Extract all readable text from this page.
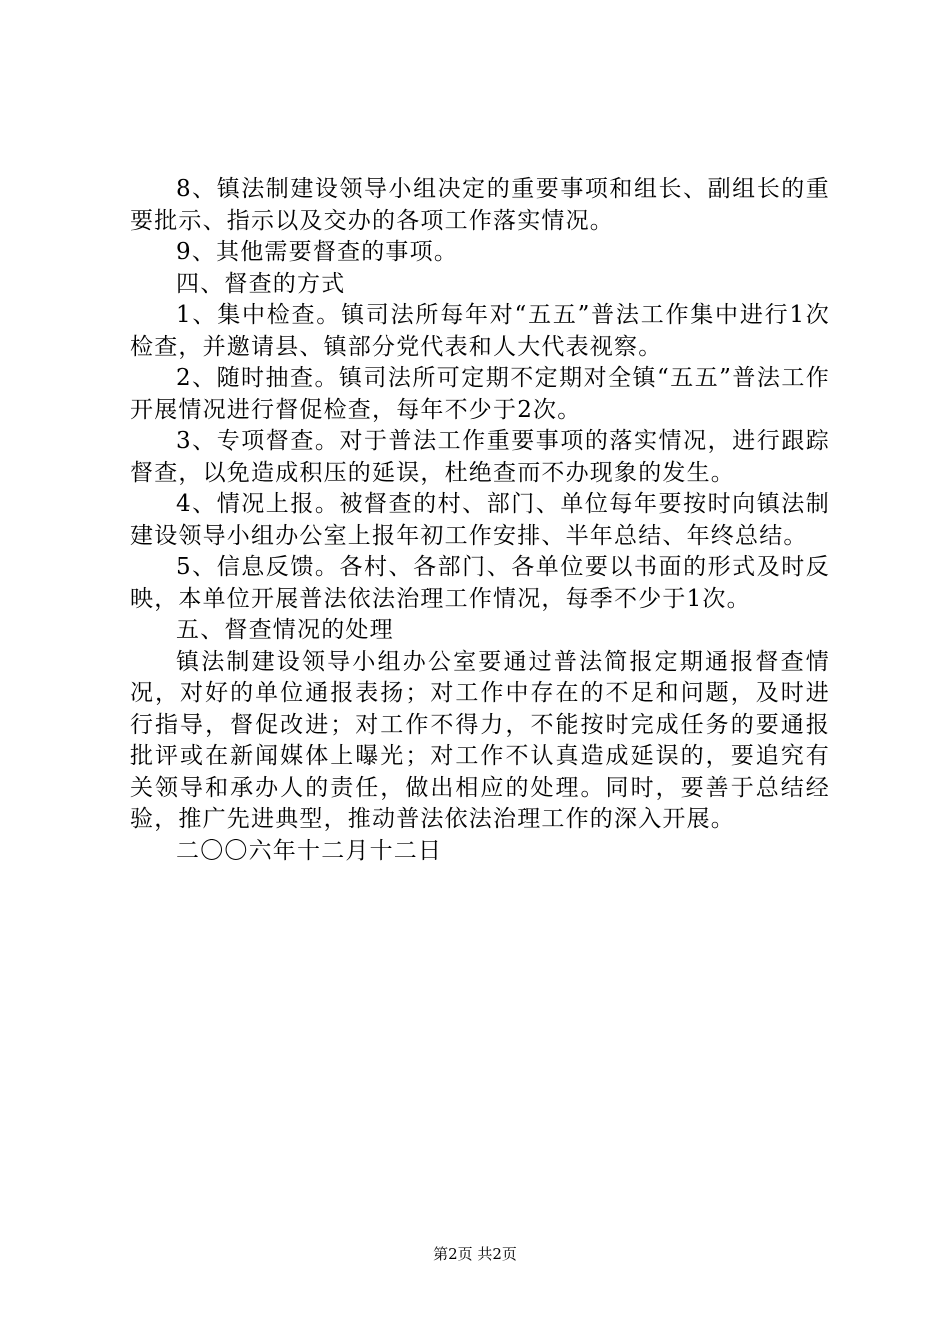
8、镇法制建设领导小组决定的重要事项和组长、副组长的重要批示、指示以及交办的各项工作落实情况。

9、其他需要督查的事项。

四、督查的方式

1、集中检查。镇司法所每年对“五五”普法工作集中进行1次检查，并邀请县、镇部分党代表和人大代表视察。

2、随时抽查。镇司法所可定期不定期对全镇“五五”普法工作开展情况进行督促检查，每年不少于2次。

3、专项督查。对于普法工作重要事项的落实情况，进行跟踪督查，以免造成积压的延误，杜绝查而不办现象的发生。

4、情况上报。被督查的村、部门、单位每年要按时向镇法制建设领导小组办公室上报年初工作安排、半年总结、年终总结。

5、信息反馈。各村、各部门、各单位要以书面的形式及时反映，本单位开展普法依法治理工作情况，每季不少于1次。

五、督查情况的处理

镇法制建设领导小组办公室要通过普法简报定期通报督查情况，对好的单位通报表扬；对工作中存在的不足和问题，及时进行指导，督促改进；对工作不得力，不能按时完成任务的要通报批评或在新闻媒体上曝光；对工作不认真造成延误的，要追究有关领导和承办人的责任，做出相应的处理。同时，要善于总结经验，推广先进典型，推动普法依法治理工作的深入开展。

二〇〇六年十二月十二日

第2页 共2页
